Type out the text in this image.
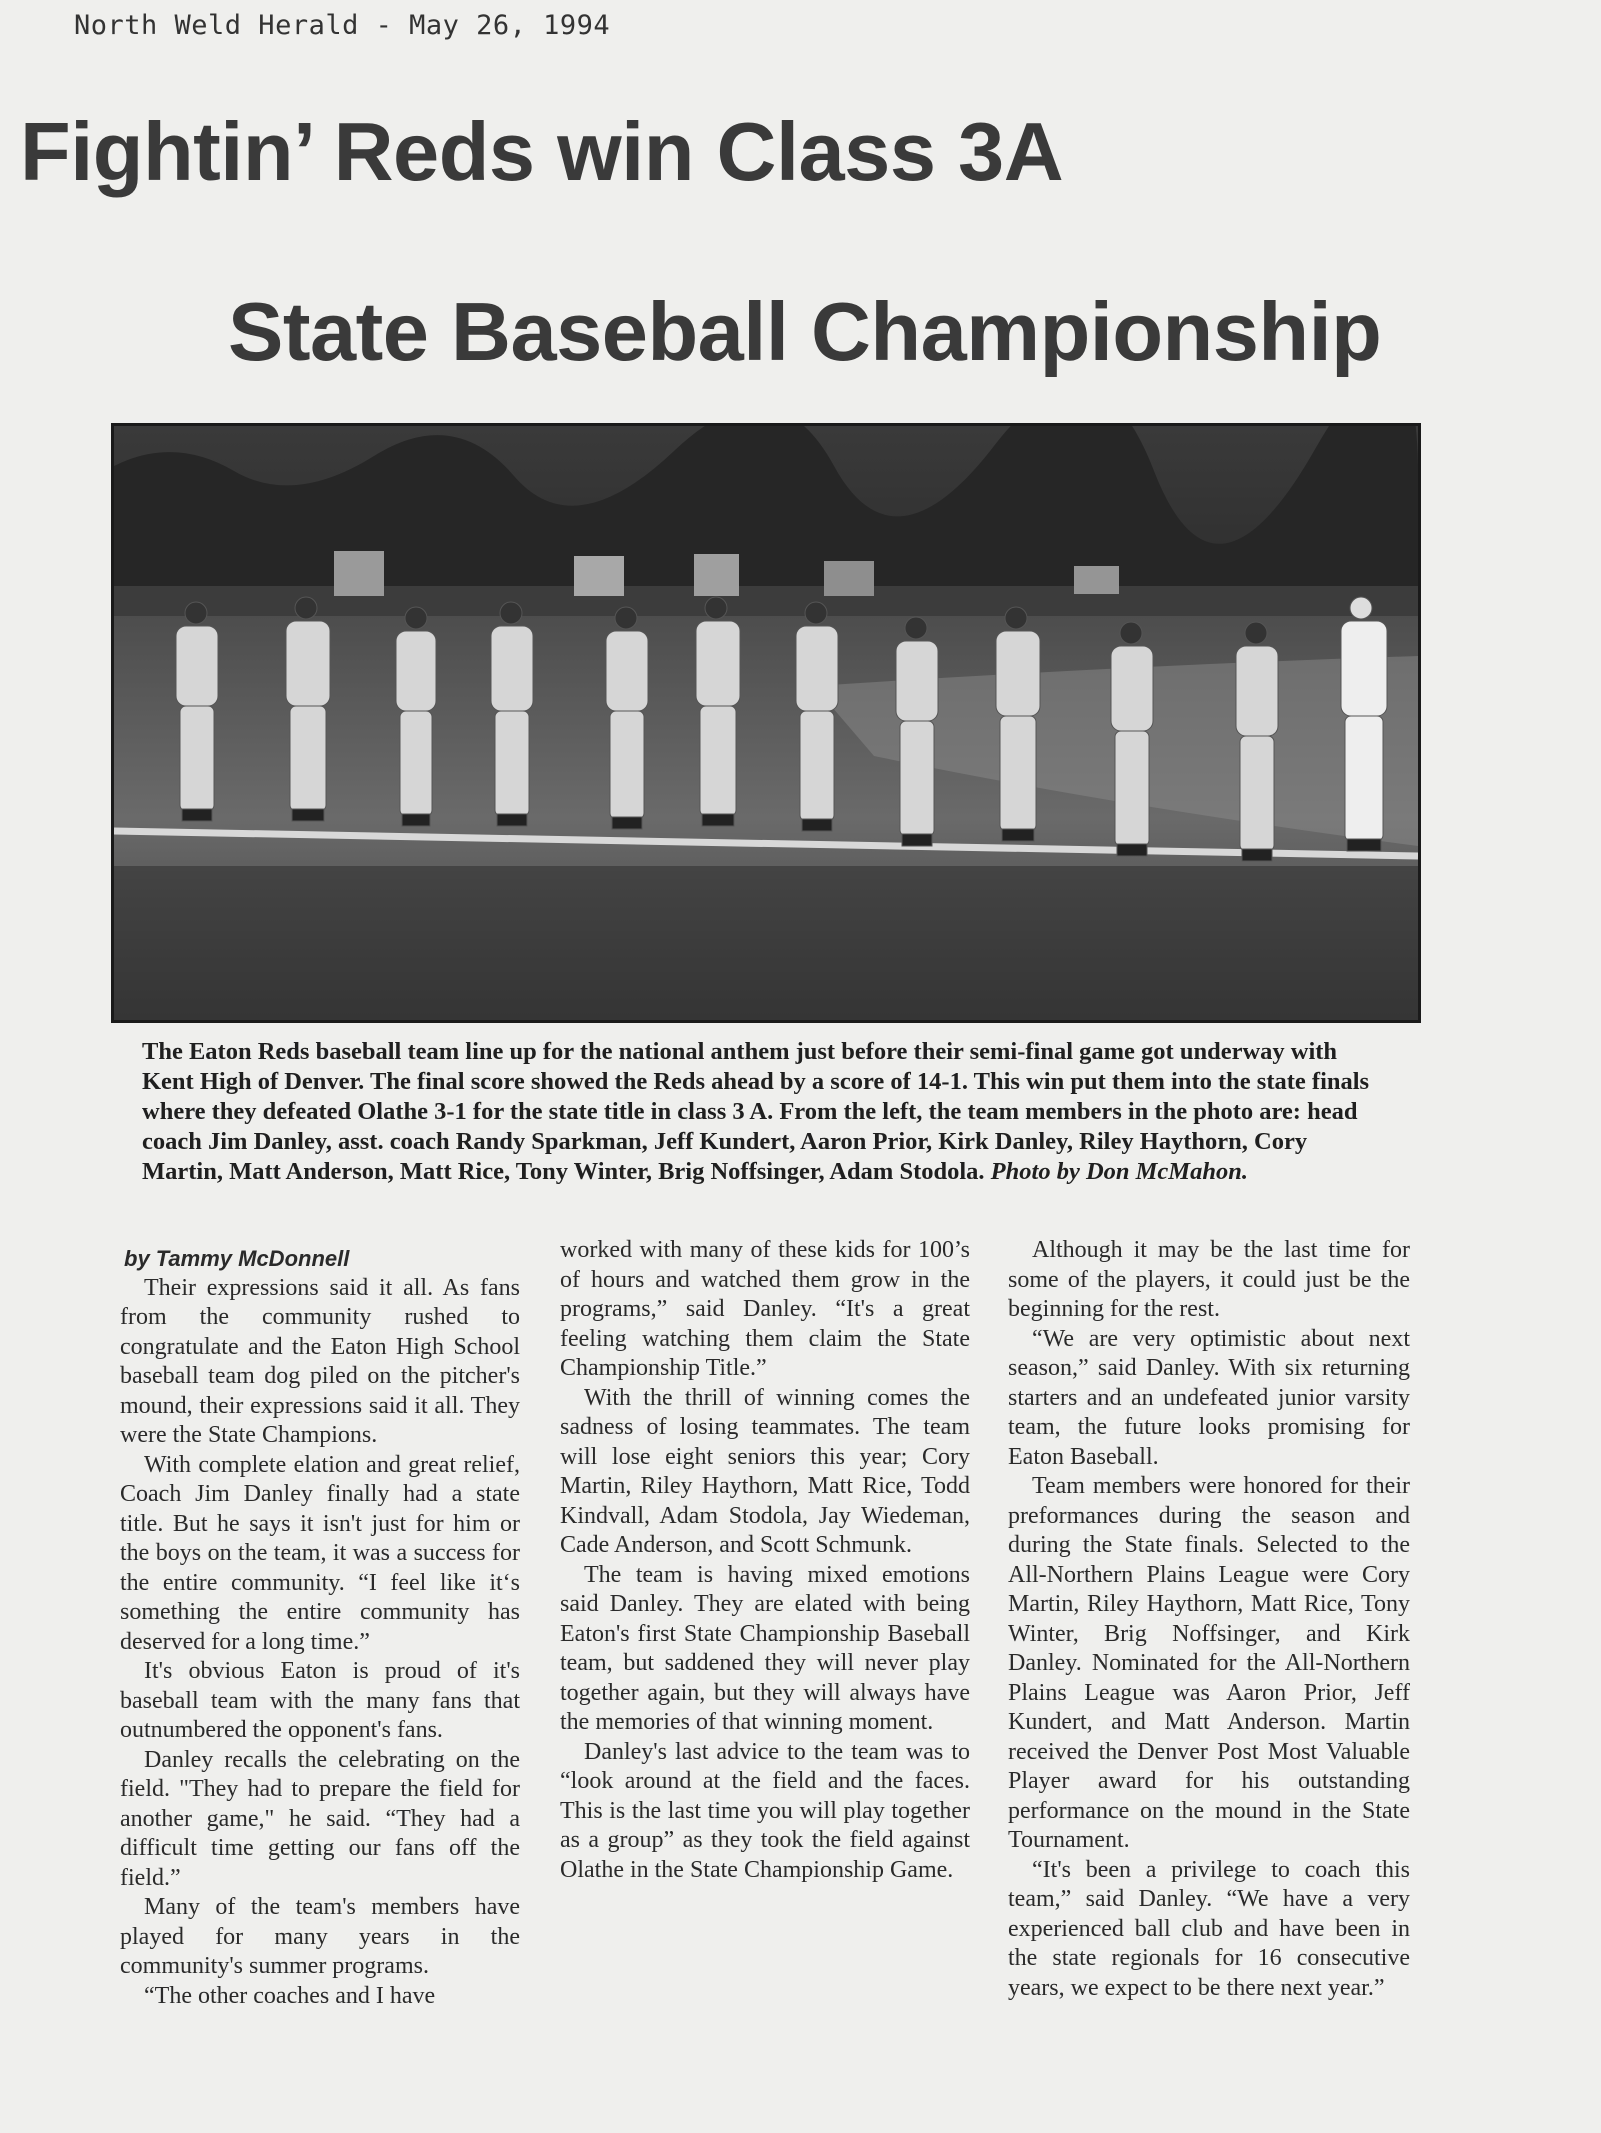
North Weld Herald - May 26, 1994
Fightin’ Reds win Class 3A
State Baseball Championship
The Eaton Reds baseball team line up for the national anthem just before their semi-final game got underway with Kent High of Denver. The final score showed the Reds ahead by a score of 14-1. This win put them into the state finals where they defeated Olathe 3-1 for the state title in class 3 A. From the left, the team members in the photo are: head coach Jim Danley, asst. coach Randy Sparkman, Jeff Kundert, Aaron Prior, Kirk Danley, Riley Haythorn, Cory Martin, Matt Anderson, Matt Rice, Tony Winter, Brig Noffsinger, Adam Stodola. Photo by Don McMahon.
by Tammy McDonnell

Their expressions said it all. As fans from the community rushed to congratulate and the Eaton High School baseball team dog piled on the pitcher's mound, their expressions said it all. They were the State Champions.

With complete elation and great relief, Coach Jim Danley finally had a state title. But he says it isn't just for him or the boys on the team, it was a success for the entire community. “I feel like it‘s something the entire community has deserved for a long time.”

It's obvious Eaton is proud of it's baseball team with the many fans that outnumbered the opponent's fans.

Danley recalls the celebrating on the field. "They had to prepare the field for another game," he said. “They had a difficult time getting our fans off the field.”

Many of the team's members have played for many years in the community's summer programs.

“The other coaches and I have

worked with many of these kids for 100’s of hours and watched them grow in the programs,” said Danley. “It's a great feeling watching them claim the State Championship Title.”

With the thrill of winning comes the sadness of losing teammates. The team will lose eight seniors this year; Cory Martin, Riley Haythorn, Matt Rice, Todd Kindvall, Adam Stodola, Jay Wiedeman, Cade Anderson, and Scott Schmunk.

The team is having mixed emotions said Danley. They are elated with being Eaton's first State Championship Baseball team, but saddened they will never play together again, but they will always have the memories of that winning moment.

Danley's last advice to the team was to “look around at the field and the faces. This is the last time you will play together as a group” as they took the field against Olathe in the State Championship Game.

Although it may be the last time for some of the players, it could just be the beginning for the rest.

“We are very optimistic about next season,” said Danley. With six returning starters and an undefeated junior varsity team, the future looks promising for Eaton Baseball.

Team members were honored for their preformances during the season and during the State finals. Selected to the All-Northern Plains League were Cory Martin, Riley Haythorn, Matt Rice, Tony Winter, Brig Noffsinger, and Kirk Danley. Nominated for the All-Northern Plains League was Aaron Prior, Jeff Kundert, and Matt Anderson. Martin received the Denver Post Most Valuable Player award for his outstanding performance on the mound in the State Tournament.

“It's been a privilege to coach this team,” said Danley. “We have a very experienced ball club and have been in the state regionals for 16 consecutive years, we expect to be there next year.”
